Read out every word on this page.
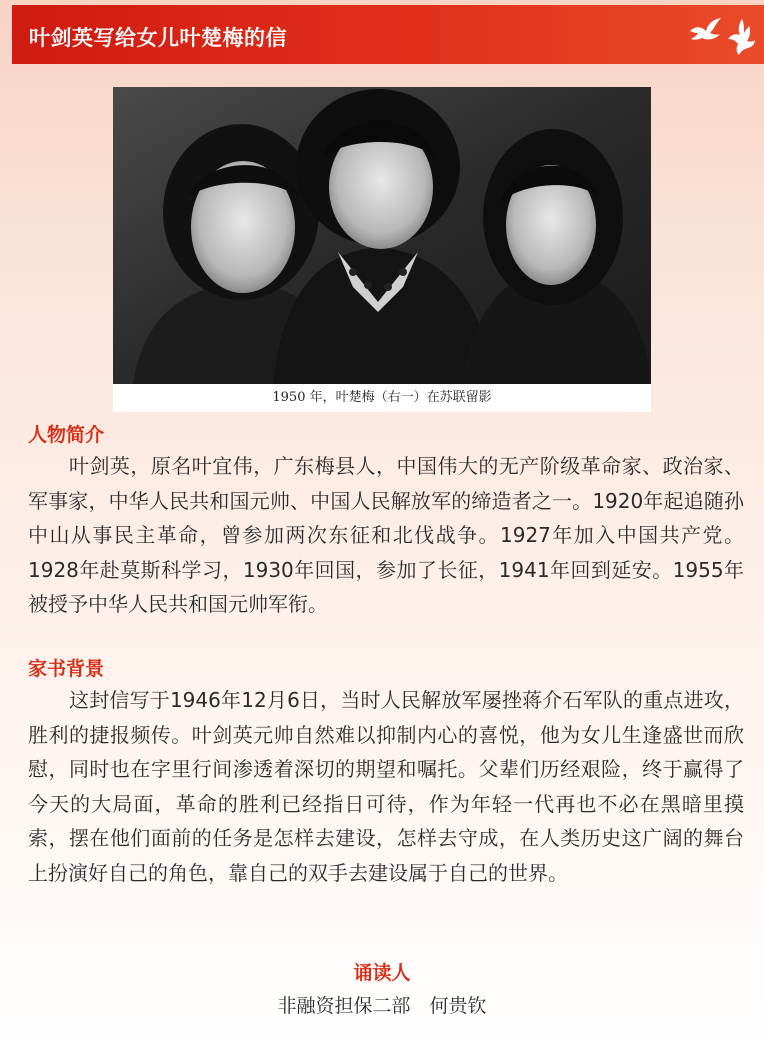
叶剑英写给女儿叶楚梅的信
1950 年，叶楚梅（右一）在苏联留影
人物简介

叶剑英，原名叶宜伟，广东梅县人，中国伟大的无产阶级革命家、政治家、军事家，中华人民共和国元帅、中国人民解放军的缔造者之一。1920年起追随孙中山从事民主革命，曾参加两次东征和北伐战争。1927年加入中国共产党。1928年赴莫斯科学习，1930年回国，参加了长征，1941年回到延安。1955年被授予中华人民共和国元帅军衔。

家书背景

这封信写于1946年12月6日，当时人民解放军屡挫蒋介石军队的重点进攻，胜利的捷报频传。叶剑英元帅自然难以抑制内心的喜悦，他为女儿生逢盛世而欣慰，同时也在字里行间渗透着深切的期望和嘱托。父辈们历经艰险，终于赢得了今天的大局面，革命的胜利已经指日可待，作为年轻一代再也不必在黑暗里摸索，摆在他们面前的任务是怎样去建设，怎样去守成，在人类历史这广阔的舞台上扮演好自己的角色，靠自己的双手去建设属于自己的世界。

诵读人
非融资担保二部　何贵钦
